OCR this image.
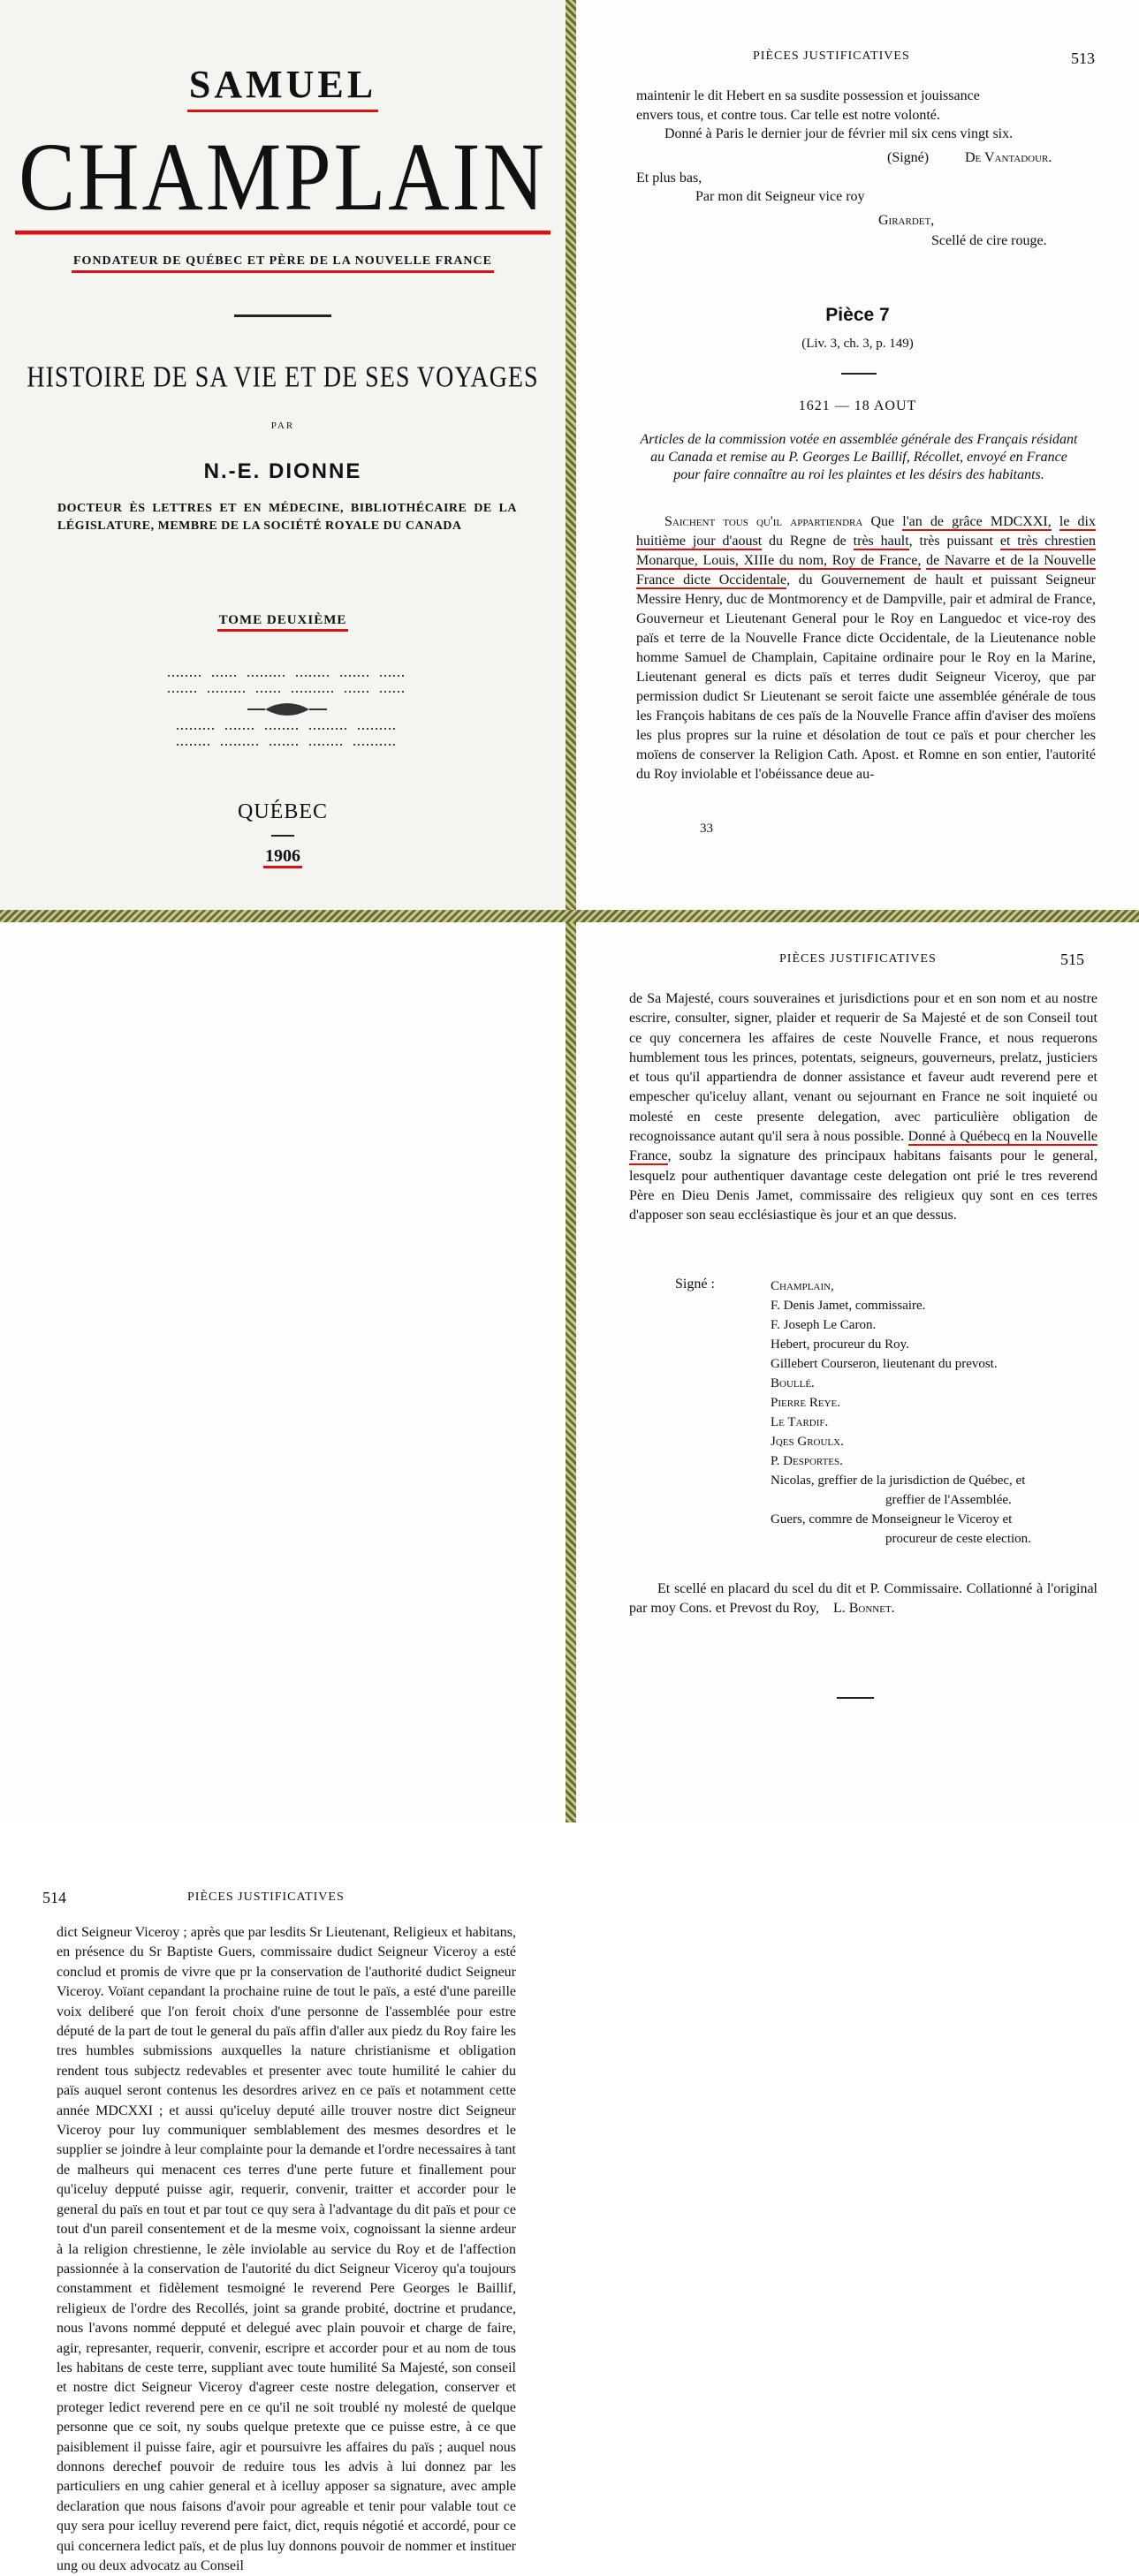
SAMUEL
CHAMPLAIN
FONDATEUR DE QUÉBEC ET PÈRE DE LA NOUVELLE FRANCE
HISTOIRE DE SA VIE ET DE SES VOYAGES
PAR
N.-E. DIONNE
DOCTEUR ÈS LETTRES ET EN MÉDECINE, BIBLIOTHÉCAIRE DE LA LÉGISLATURE, MEMBRE DE LA SOCIÉTÉ ROYALE DU CANADA
TOME DEUXIÈME
QUÉBEC
1906
PIÈCES JUSTIFICATIVES	513

maintenir le dit Hebert en sa susdite possession et jouissance

envers tous, et contre tous. Car telle est notre volonté.

Donné à Paris le dernier jour de février mil six cens vingt six.

(Signé)	De Vantadour.
Et plus bas,
Par mon dit Seigneur vice roy
Girardet,
Scellé de cire rouge.
Pièce 7
(Liv. 3, ch. 3, p. 149)
1621 — 18 AOUT
Articles de la commission votée en assemblée générale des Français résidant au Canada et remise au P. Georges Le Baillif, Récollet, envoyé en France pour faire connaître au roi les plaintes et les désirs des habitants.

Saichent tous qu'il appartiendra Que l'an de grâce MDCXXI, le dix huitième jour d'aoust du Regne de très hault, très puissant et très chrestien Monarque, Louis, XIIIe du nom, Roy de France, de Navarre et de la Nouvelle France dicte Occidentale, du Gouvernement de hault et puissant Seigneur Messire Henry, duc de Montmorency et de Dampville, pair et admiral de France, Gouverneur et Lieutenant General pour le Roy en Languedoc et vice-roy des païs et terre de la Nouvelle France dicte Occidentale, de la Lieutenance noble homme Samuel de Champlain, Capitaine ordinaire pour le Roy en la Marine, Lieutenant general es dicts païs et terres dudit Seigneur Viceroy, que par permission dudict Sr Lieutenant se seroit faicte une assemblée générale de tous les François habitans de ces païs de la Nouvelle France affin d'aviser des moïens les plus propres sur la ruine et désolation de tout ce païs et pour chercher les moïens de conserver la Religion Cath. Apost. et Romne en son entier, l'autorité du Roy inviolable et l'obéissance deue au-

33
514	PIÈCES JUSTIFICATIVES

dict Seigneur Viceroy ; après que par lesdits Sr Lieutenant, Religieux et habitans, en présence du Sr Baptiste Guers, commissaire dudict Seigneur Viceroy a esté conclud et promis de vivre que pr la conservation de l'authorité dudict Seigneur Viceroy. Voïant cepandant la prochaine ruine de tout le païs, a esté d'une pareille voix deliberé que l'on feroit choix d'une personne de l'assemblée pour estre député de la part de tout le general du païs affin d'aller aux piedz du Roy faire les tres humbles submissions auxquelles la nature christianisme et obligation rendent tous subjectz redevables et presenter avec toute humilité le cahier du païs auquel seront contenus les desordres arivez en ce païs et notamment cette année MDCXXI ; et aussi qu'iceluy deputé aille trouver nostre dict Seigneur Viceroy pour luy communiquer semblablement des mesmes desordres et le supplier se joindre à leur complainte pour la demande et l'ordre necessaires à tant de malheurs qui menacent ces terres d'une perte future et finallement pour qu'iceluy depputé puisse agir, requerir, convenir, traitter et accorder pour le general du païs en tout et par tout ce quy sera à l'advantage du dit païs et pour ce tout d'un pareil consentement et de la mesme voix, cognoissant la sienne ardeur à la religion chrestienne, le zèle inviolable au service du Roy et de l'affection passionnée à la conservation de l'autorité du dict Seigneur Viceroy qu'a toujours constamment et fidèlement tesmoigné le reverend Pere Georges le Baillif, religieux de l'ordre des Recollés, joint sa grande probité, doctrine et prudance, nous l'avons nommé depputé et delegué avec plain pouvoir et charge de faire, agir, represanter, requerir, convenir, escripre et accorder pour et au nom de tous les habitans de ceste terre, suppliant avec toute humilité Sa Majesté, son conseil et nostre dict Seigneur Viceroy d'agreer ceste nostre delegation, conserver et proteger ledict reverend pere en ce qu'il ne soit troublé ny molesté de quelque personne que ce soit, ny soubs quelque pretexte que ce puisse estre, à ce que paisiblement il puisse faire, agir et poursuivre les affaires du païs ; auquel nous donnons derechef pouvoir de reduire tous les advis à lui donnez par les particuliers en ung cahier general et à icelluy apposer sa signature, avec ample declaration que nous faisons d'avoir pour agreable et tenir pour valable tout ce quy sera pour icelluy reverend pere faict, dict, requis négotié et accordé, pour ce qui concernera ledict païs, et de plus luy donnons pouvoir de nommer et instituer ung ou deux advocatz au Conseil

PIÈCES JUSTIFICATIVES	515

de Sa Majesté, cours souveraines et jurisdictions pour et en son nom et au nostre escrire, consulter, signer, plaider et requerir de Sa Majesté et de son Conseil tout ce quy concernera les affaires de ceste Nouvelle France, et nous requerons humblement tous les princes, potentats, seigneurs, gouverneurs, prelatz, justiciers et tous qu'il appartiendra de donner assistance et faveur audt reverend pere et empescher qu'iceluy allant, venant ou sejournant en France ne soit inquieté ou molesté en ceste presente delegation, avec particulière obligation de recognoissance autant qu'il sera à nous possible. Donné à Québecq en la Nouvelle France, soubz la signature des principaux habitans faisants pour le general, lesquelz pour authentiquer davantage ceste delegation ont prié le tres reverend Père en Dieu Denis Jamet, commissaire des religieux quy sont en ces terres d'apposer son seau ecclésiastique ès jour et an que dessus.

Signé :	Champlain,
F. Denis Jamet, commissaire.
F. Joseph Le Caron.
Hebert, procureur du Roy.
Gillebert Courseron, lieutenant du prevost.
Boullé.
Pierre Reye.
Le Tardif.
Jqes Groulx.
P. Desportes.
Nicolas, greffier de la jurisdiction de Québec, et
greffier de l'Assemblée.
Guers, commre de Monseigneur le Viceroy et
procureur de ceste election.

Et scellé en placard du scel du dit et P. Commissaire. Collationné à l'original par moy Cons. et Prevost du Roy, L. Bonnet.
